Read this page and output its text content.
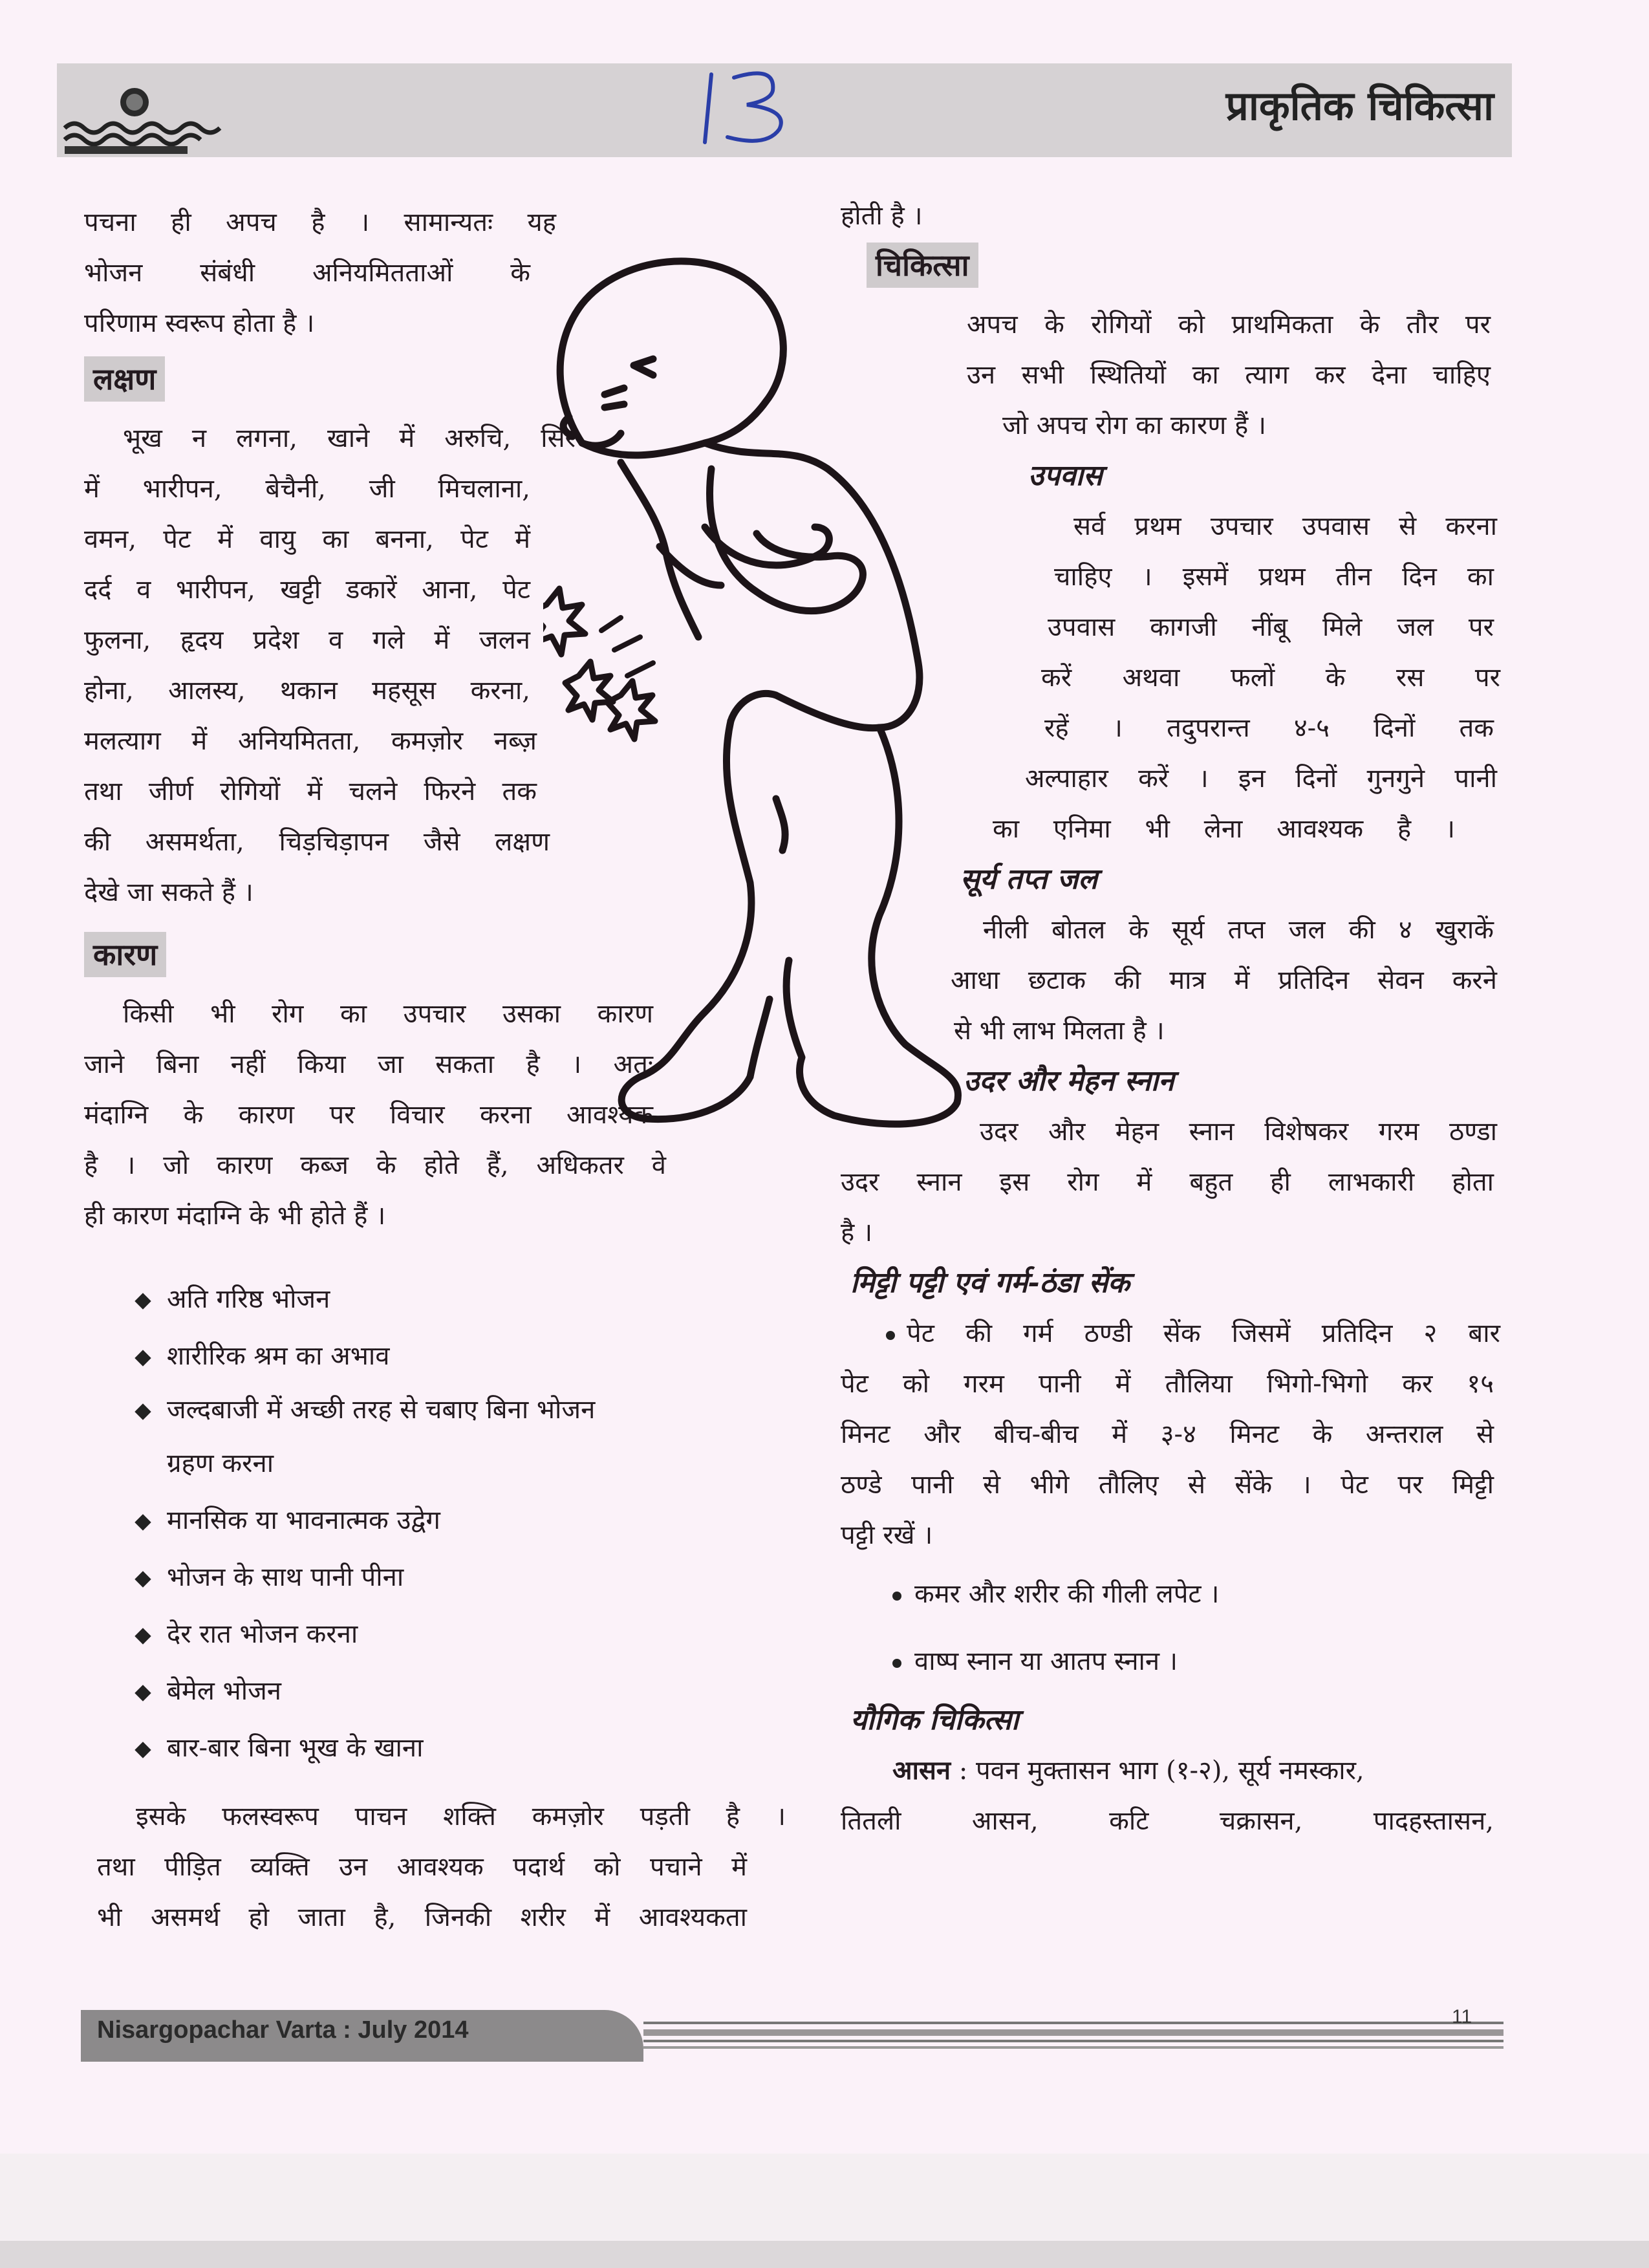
प्राकृतिक चिकित्सा
पचना ही अपच है । सामान्यतः यह
भोजन संबंधी अनियमितताओं के
परिणाम स्वरूप होता है ।
लक्षण
भूख न लगना, खाने में अरुचि, सिर
में भारीपन, बेचैनी, जी मिचलाना,
वमन, पेट में वायु का बनना, पेट में
दर्द व भारीपन, खट्टी डकारें आना, पेट
फुलना, हृदय प्रदेश व गले में जलन
होना, आलस्य, थकान महसूस करना,
मलत्याग में अनियमितता, कमज़ोर नब्ज़
तथा जीर्ण रोगियों में चलने फिरने तक
की असमर्थता, चिड़चिड़ापन जैसे लक्षण
देखे जा सकते हैं ।
कारण
किसी भी रोग का उपचार उसका कारण
जाने बिना नहीं किया जा सकता है । अतः
मंदाग्नि के कारण पर विचार करना आवश्यक
है । जो कारण कब्ज के होते हैं, अधिकतर वे
ही कारण मंदाग्नि के भी होते हैं ।
अति गरिष्ठ भोजन
शारीरिक श्रम का अभाव
जल्दबाजी में अच्छी तरह से चबाए बिना भोजन
ग्रहण करना
मानसिक या भावनात्मक उद्वेग
भोजन के साथ पानी पीना
देर रात भोजन करना
बेमेल भोजन
बार-बार बिना भूख के खाना
इसके फलस्वरूप पाचन शक्ति कमज़ोर पड़ती है ।
तथा पीड़ित व्यक्ति उन आवश्यक पदार्थ को पचाने में
भी असमर्थ हो जाता है, जिनकी शरीर में आवश्यकता
होती है ।
चिकित्सा
अपच के रोगियों को प्राथमिकता के तौर पर
उन सभी स्थितियों का त्याग कर देना चाहिए
जो अपच रोग का कारण हैं ।
उपवास
सर्व प्रथम उपचार उपवास से करना
चाहिए । इसमें प्रथम तीन दिन का
उपवास कागजी नींबू मिले जल पर
करें अथवा फलों के रस पर
रहें । तदुपरान्त ४-५ दिनों तक
अल्पाहार करें । इन दिनों गुनगुने पानी
का एनिमा भी लेना आवश्यक है ।
सूर्य तप्त जल
नीली बोतल के सूर्य तप्त जल की ४ खुराकें
आधा छटाक की मात्र में प्रतिदिन सेवन करने
से भी लाभ मिलता है ।
उदर और मेहन स्नान
उदर और मेहन स्नान विशेषकर गरम ठण्डा
उदर स्नान इस रोग में बहुत ही लाभकारी होता
है ।
मिट्टी पट्टी एवं गर्म-ठंडा सेंक
पेट की गर्म ठण्डी सेंक जिसमें प्रतिदिन २ बार
पेट को गरम पानी में तौलिया भिगो-भिगो कर १५
मिनट और बीच-बीच में ३-४ मिनट के अन्तराल से
ठण्डे पानी से भीगे तौलिए से सेंके । पेट पर मिट्टी
पट्टी रखें ।
कमर और शरीर की गीली लपेट ।
वाष्प स्नान या आतप स्नान ।
यौगिक चिकित्सा
आसन : पवन मुक्तासन भाग (१-२), सूर्य नमस्कार,
तितली आसन, कटि चक्रासन, पादहस्तासन,
Nisargopachar Varta : July 2014	11
